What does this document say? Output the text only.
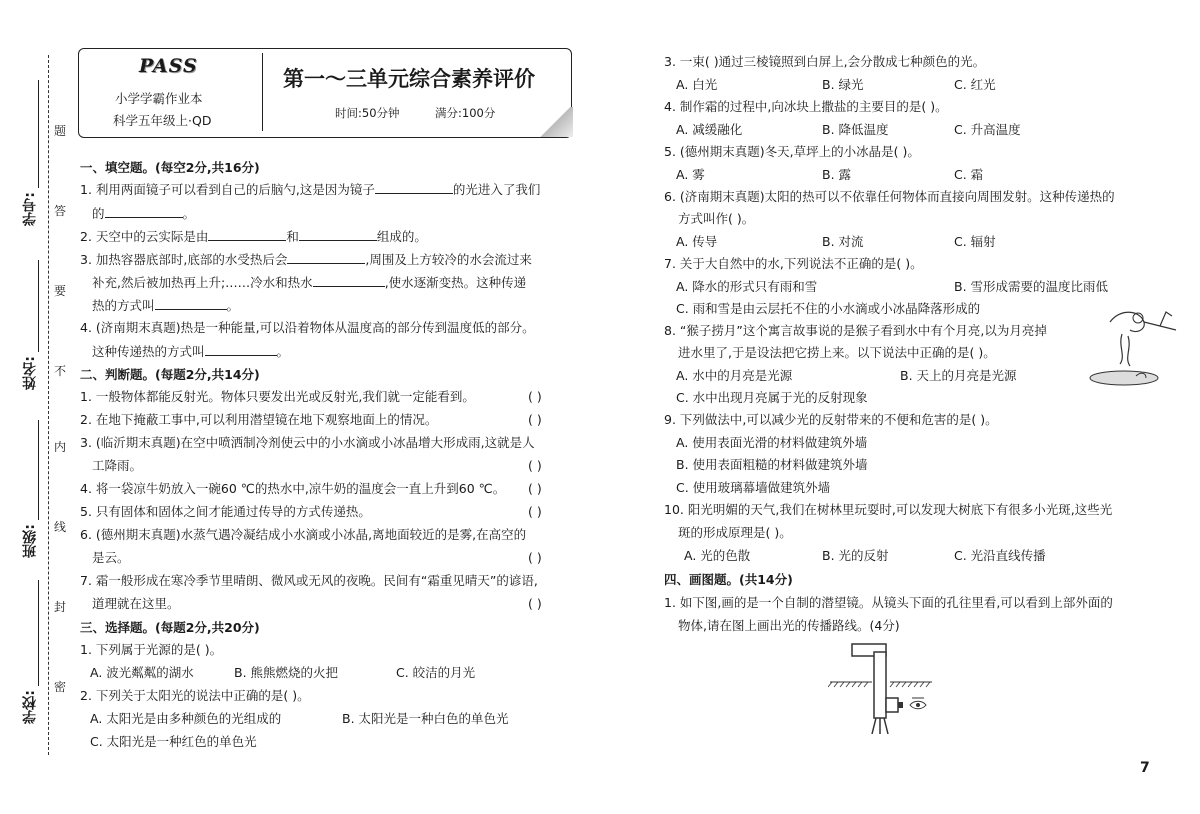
题
答
要
不
内
线
封
密
学号:
姓名:
班级:
学校:
PASS
小学学霸作业本
科学五年级上·QD
第一～三单元综合素养评价
时间:50分钟	满分:100分
一、填空题。(每空2分,共16分)
1. 利用两面镜子可以看到自己的后脑勺,这是因为镜子	的光进入了我们
的	。
2. 天空中的云实际是由	和	组成的。
3. 加热容器底部时,底部的水受热后会	,周围及上方较冷的水会流过来
补充,然后被加热再上升;……冷水和热水	,使水逐渐变热。这种传递
热的方式叫	。
4. (济南期末真题)热是一种能量,可以沿着物体从温度高的部分传到温度低的部分。
这种传递热的方式叫	。
二、判断题。(每题2分,共14分)
1. 一般物体都能反射光。物体只要发出光或反射光,我们就一定能看到。	( )
2. 在地下掩蔽工事中,可以利用潜望镜在地下观察地面上的情况。	( )
3. (临沂期末真题)在空中喷洒制冷剂使云中的小水滴或小冰晶增大形成雨,这就是人
工降雨。	( )
4. 将一袋凉牛奶放入一碗60 ℃的热水中,凉牛奶的温度会一直上升到60 ℃。 ( )
5. 只有固体和固体之间才能通过传导的方式传递热。	( )
6. (德州期末真题)水蒸气遇冷凝结成小水滴或小冰晶,离地面较近的是雾,在高空的
是云。	( )
7. 霜一般形成在寒冷季节里晴朗、微风或无风的夜晚。民间有“霜重见晴天”的谚语,
道理就在这里。	( )
三、选择题。(每题2分,共20分)
1. 下列属于光源的是( )。
A. 波光粼粼的湖水	B. 熊熊燃烧的火把	C. 皎洁的月光
2. 下列关于太阳光的说法中正确的是( )。
A. 太阳光是由多种颜色的光组成的	B. 太阳光是一种白色的单色光
C. 太阳光是一种红色的单色光
3. 一束( )通过三棱镜照到白屏上,会分散成七种颜色的光。
A. 白光	B. 绿光	C. 红光
4. 制作霜的过程中,向冰块上撒盐的主要目的是( )。
A. 减缓融化	B. 降低温度	C. 升高温度
5. (德州期末真题)冬天,草坪上的小冰晶是( )。
A. 雾	B. 露	C. 霜
6. (济南期末真题)太阳的热可以不依靠任何物体而直接向周围发射。这种传递热的
方式叫作( )。
A. 传导	B. 对流	C. 辐射
7. 关于大自然中的水,下列说法不正确的是( )。
A. 降水的形式只有雨和雪	B. 雪形成需要的温度比雨低
C. 雨和雪是由云层托不住的小水滴或小冰晶降落形成的
8. “猴子捞月”这个寓言故事说的是猴子看到水中有个月亮,以为月亮掉
进水里了,于是设法把它捞上来。以下说法中正确的是( )。
A. 水中的月亮是光源	B. 天上的月亮是光源
C. 水中出现月亮属于光的反射现象
9. 下列做法中,可以减少光的反射带来的不便和危害的是( )。
A. 使用表面光滑的材料做建筑外墙
B. 使用表面粗糙的材料做建筑外墙
C. 使用玻璃幕墙做建筑外墙
10. 阳光明媚的天气,我们在树林里玩耍时,可以发现大树底下有很多小光斑,这些光
斑的形成原理是( )。
A. 光的色散	B. 光的反射	C. 光沿直线传播
四、画图题。(共14分)
1. 如下图,画的是一个自制的潜望镜。从镜头下面的孔往里看,可以看到上部外面的
物体,请在图上画出光的传播路线。(4分)
7
